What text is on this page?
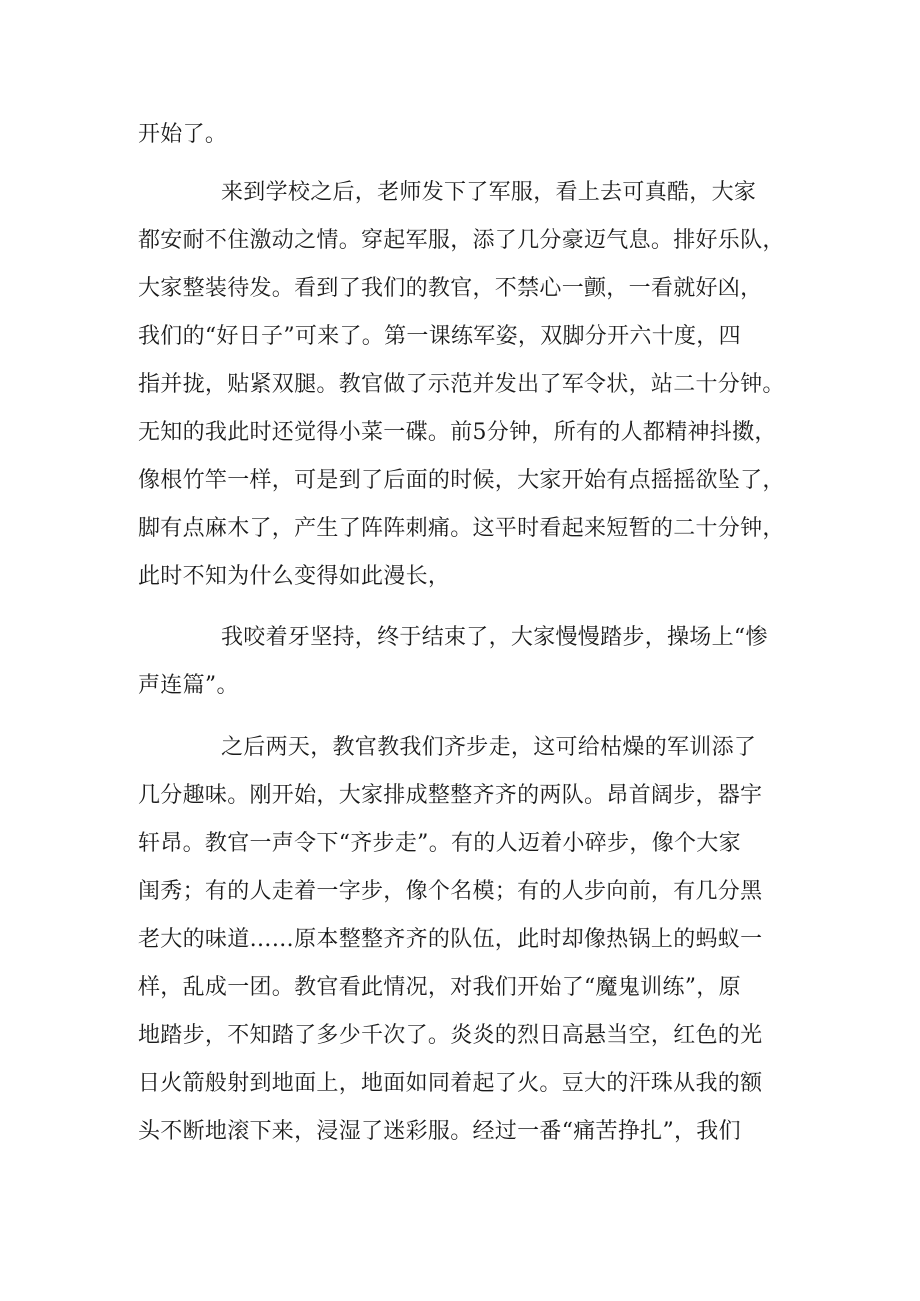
开始了。

来到学校之后，老师发下了军服，看上去可真酷，大家

都安耐不住激动之情。穿起军服，添了几分豪迈气息。排好乐队，

大家整装待发。看到了我们的教官，不禁心一颤，一看就好凶，

我们的“好日子”可来了。第一课练军姿，双脚分开六十度，四

指并拢，贴紧双腿。教官做了示范并发出了军令状，站二十分钟。

无知的我此时还觉得小菜一碟。前5分钟，所有的人都精神抖擞，

像根竹竿一样，可是到了后面的时候，大家开始有点摇摇欲坠了，

脚有点麻木了，产生了阵阵刺痛。这平时看起来短暂的二十分钟，

此时不知为什么变得如此漫长，

我咬着牙坚持，终于结束了，大家慢慢踏步，操场上“惨

声连篇”。

之后两天，教官教我们齐步走，这可给枯燥的军训添了

几分趣味。刚开始，大家排成整整齐齐的两队。昂首阔步，器宇

轩昂。教官一声令下“齐步走”。有的人迈着小碎步，像个大家

闺秀；有的人走着一字步，像个名模；有的人步向前，有几分黑

老大的味道……原本整整齐齐的队伍，此时却像热锅上的蚂蚁一

样，乱成一团。教官看此情况，对我们开始了“魔鬼训练”，原

地踏步，不知踏了多少千次了。炎炎的烈日高悬当空，红色的光

日火箭般射到地面上，地面如同着起了火。豆大的汗珠从我的额

头不断地滚下来，浸湿了迷彩服。经过一番“痛苦挣扎”，我们
